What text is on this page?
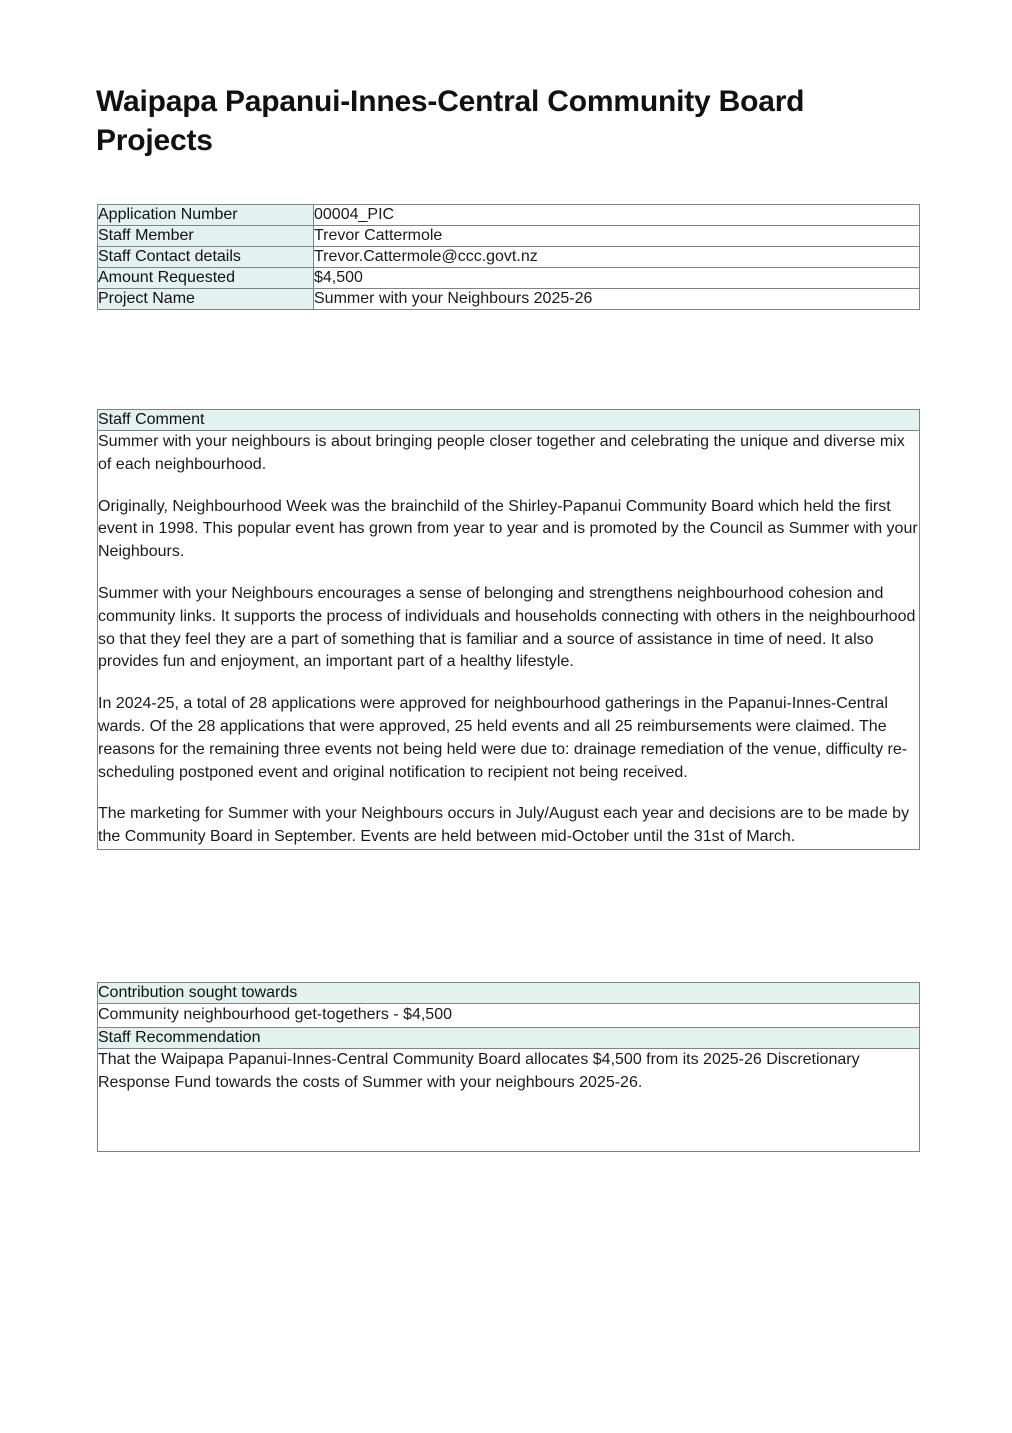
Waipapa Papanui-Innes-Central Community Board Projects
Application Number	00004_PIC
Staff Member	Trevor Cattermole
Staff Contact details	Trevor.Cattermole@ccc.govt.nz
Amount Requested	$4,500
Project Name	Summer with your Neighbours 2025-26
Staff Comment

Summer with your neighbours is about bringing people closer together and celebrating the unique and diverse mix of each neighbourhood.

Originally, Neighbourhood Week was the brainchild of the Shirley-Papanui Community Board which held the first event in 1998. This popular event has grown from year to year and is promoted by the Council as Summer with your Neighbours.

Summer with your Neighbours encourages a sense of belonging and strengthens neighbourhood cohesion and community links. It supports the process of individuals and households connecting with others in the neighbourhood so that they feel they are a part of something that is familiar and a source of assistance in time of need. It also provides fun and enjoyment, an important part of a healthy lifestyle.

In 2024-25, a total of 28 applications were approved for neighbourhood gatherings in the Papanui-Innes-Central wards. Of the 28 applications that were approved, 25 held events and all 25 reimbursements were claimed. The reasons for the remaining three events not being held were due to: drainage remediation of the venue, difficulty re-scheduling postponed event and original notification to recipient not being received.

The marketing for Summer with your Neighbours occurs in July/August each year and decisions are to be made by the Community Board in September. Events are held between mid-October until the 31st of March.

Contribution sought towards

Community neighbourhood get-togethers - $4,500

Staff Recommendation

That the Waipapa Papanui-Innes-Central Community Board allocates $4,500 from its 2025-26 Discretionary Response Fund towards the costs of Summer with your neighbours 2025-26.
